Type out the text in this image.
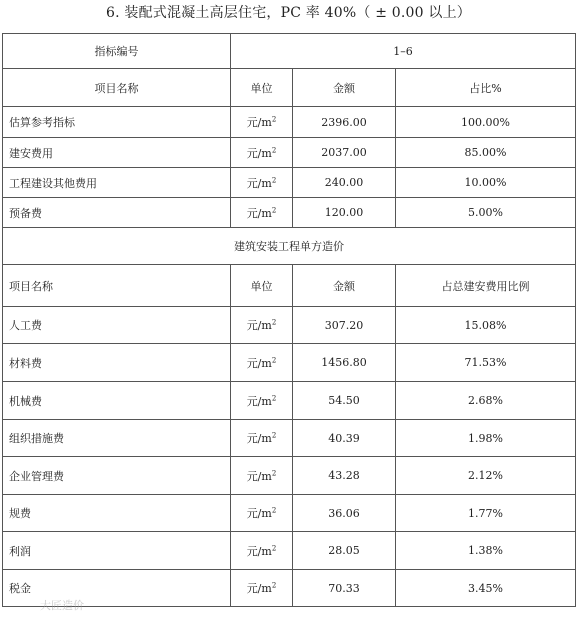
6. 装配式混凝土高层住宅，PC 率 40%（ ± 0.00 以上）
指标编号	1–6		
项目名称	单位	金额	占比%
估算参考指标	元$/m^2$	2396.00	100.00%
建安费用	元$/m^2$	2037.00	85.00%
工程建设其他费用	元$/m^2$	240.00	10.00%
预备费	元$/m^2$	120.00	5.00%
建筑安装工程单方造价			
项目名称	单位	金额	占总建安费用比例
人工费	元$/m^2$	307.20	15.08%
材料费	元$/m^2$	1456.80	71.53%
机械费	元$/m^2$	54.50	2.68%
组织措施费	元$/m^2$	40.39	1.98%
企业管理费	元$/m^2$	43.28	2.12%
规费	元$/m^2$	36.06	1.77%
利润	元$/m^2$	28.05	1.38%
税金	元$/m^2$	70.33	3.45%
大匠造价
